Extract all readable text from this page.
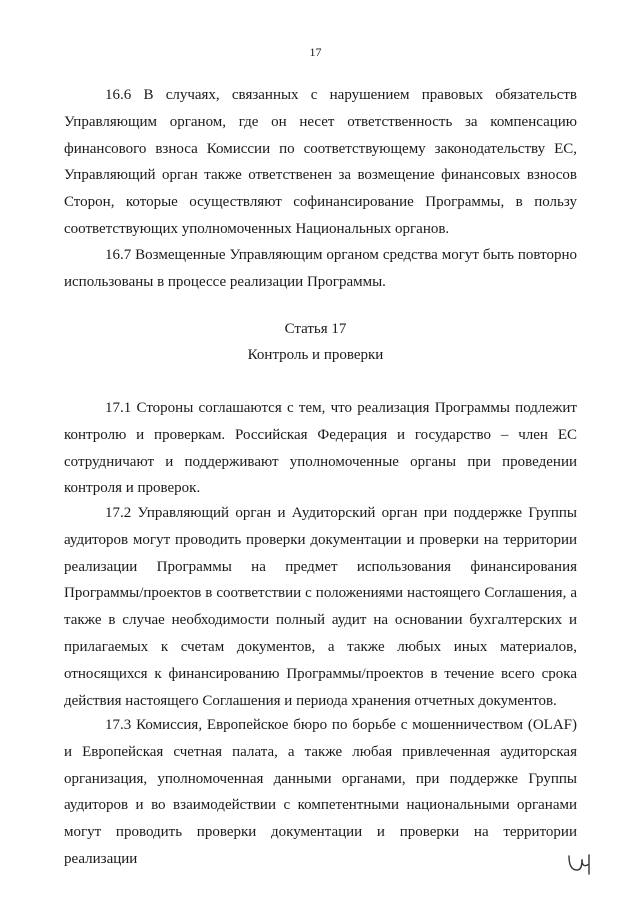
17

16.6 В случаях, связанных с нарушением правовых обязательств Управляющим органом, где он несет ответственность за компенсацию финансового взноса Комиссии по соответствующему законодательству ЕС, Управляющий орган также ответственен за возмещение финансовых взносов Сторон, которые осуществляют софинансирование Программы, в пользу соответствующих уполномоченных Национальных органов.

16.7 Возмещенные Управляющим органом средства могут быть повторно использованы в процессе реализации Программы.

Статья 17
Контроль и проверки

17.1 Стороны соглашаются с тем, что реализация Программы подлежит контролю и проверкам. Российская Федерация и государство – член ЕС сотрудничают и поддерживают уполномоченные органы при проведении контроля и проверок.

17.2 Управляющий орган и Аудиторский орган при поддержке Группы аудиторов могут проводить проверки документации и проверки на территории реализации Программы на предмет использования финансирования Программы/проектов в соответствии с положениями настоящего Соглашения, а также в случае необходимости полный аудит на основании бухгалтерских и прилагаемых к счетам документов, а также любых иных материалов, относящихся к финансированию Программы/проектов в течение всего срока действия настоящего Соглашения и периода хранения отчетных документов.

17.3 Комиссия, Европейское бюро по борьбе с мошенничеством (OLAF) и Европейская счетная палата, а также любая привлеченная аудиторская организация, уполномоченная данными органами, при поддержке Группы аудиторов и во взаимодействии с компетентными национальными органами могут проводить проверки документации и проверки на территории реализации
